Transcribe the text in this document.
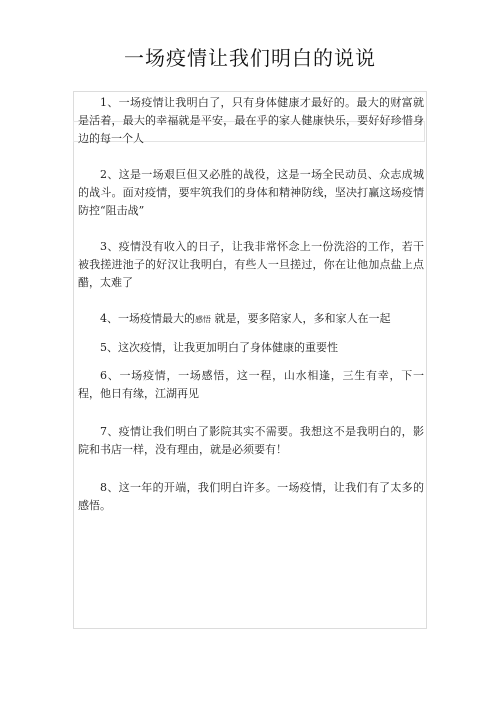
一场疫情让我们明白的说说

1、一场疫情让我明白了，只有身体健康才最好的。最大的财富就是活着，最大的幸福就是平安，最在乎的家人健康快乐，要好好珍惜身边的每一个人

2、这是一场艰巨但又必胜的战役，这是一场全民动员、众志成城的战斗。面对疫情，要牢筑我们的身体和精神防线，坚决打赢这场疫情防控“阻击战”

3、疫情没有收入的日子，让我非常怀念上一份洗浴的工作，若干被我搓进池子的好汉让我明白，有些人一旦搓过，你在让他加点盐上点醋，太难了

4、一场疫情最大的感悟 就是，要多陪家人，多和家人在一起

5、这次疫情，让我更加明白了身体健康的重要性

6、一场疫情，一场感悟，这一程，山水相逢，三生有幸，下一程，他日有缘，江湖再见

7、疫情让我们明白了影院其实不需要。我想这不是我明白的，影院和书店一样，没有理由，就是必须要有！

8、这一年的开端，我们明白许多。一场疫情，让我们有了太多的感悟。
